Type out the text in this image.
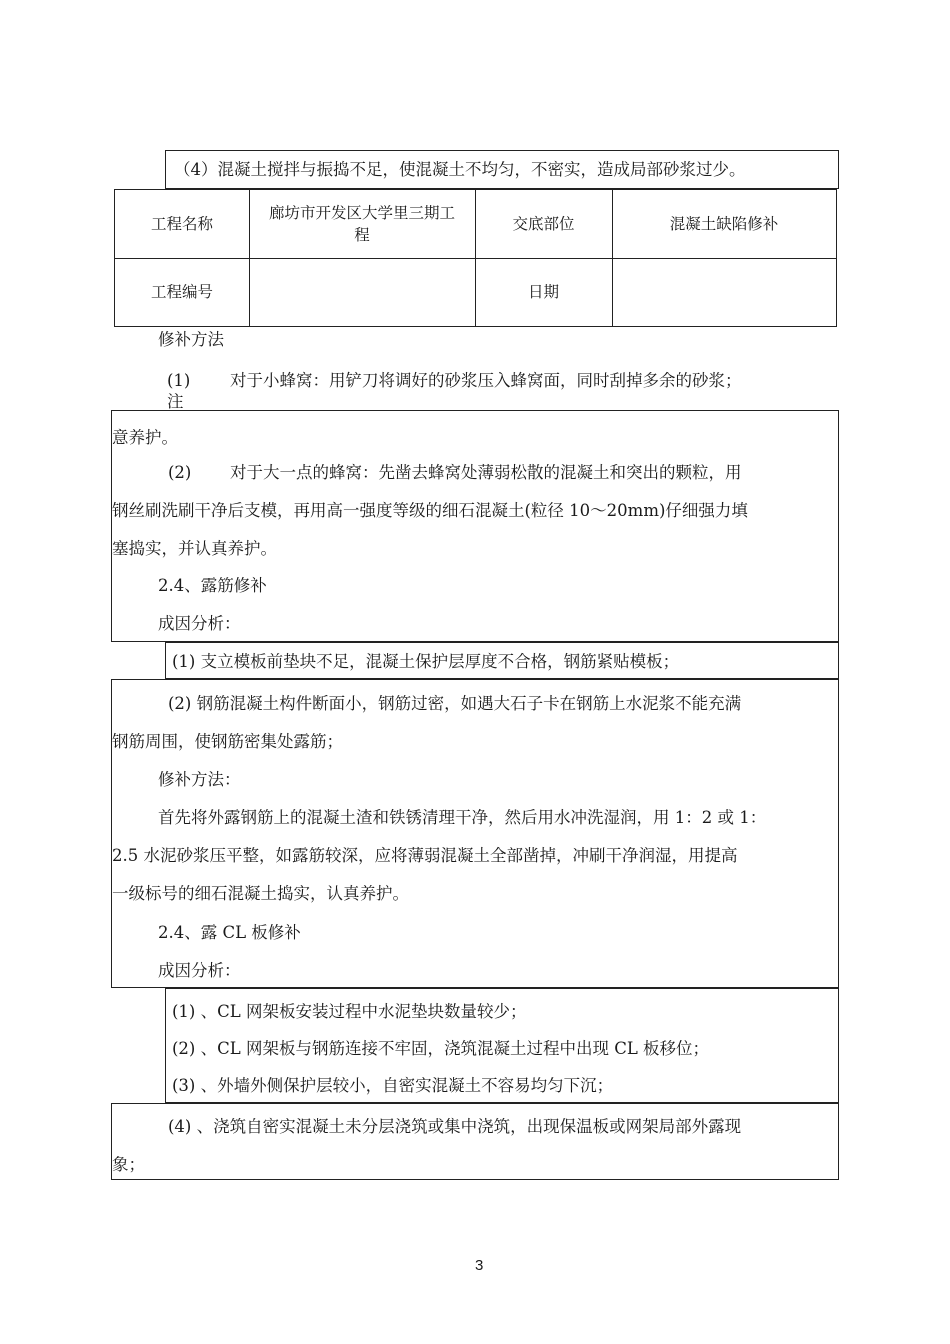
（4）混凝土搅拌与振捣不足，使混凝土不均匀，不密实，造成局部砂浆过少。
工程名称
廊坊市开发区大学里三期工
程
交底部位	混凝土缺陷修补
工程编号	日期
修补方法
(1) 对于小蜂窝：用铲刀将调好的砂浆压入蜂窝面，同时刮掉多余的砂浆；
注
意养护。
(2) 对于大一点的蜂窝：先凿去蜂窝处薄弱松散的混凝土和突出的颗粒，用
钢丝刷洗刷干净后支模，再用高一强度等级的细石混凝土(粒径 10～20mm)仔细强力填
塞捣实，并认真养护。
2.4、露筋修补
成因分析：
(1) 支立模板前垫块不足，混凝土保护层厚度不合格，钢筋紧贴模板；
(2) 钢筋混凝土构件断面小，钢筋过密，如遇大石子卡在钢筋上水泥浆不能充满
钢筋周围，使钢筋密集处露筋；
修补方法：
首先将外露钢筋上的混凝土渣和铁锈清理干净，然后用水冲洗湿润，用 1：2 或 1：
2.5 水泥砂浆压平整，如露筋较深，应将薄弱混凝土全部凿掉，冲刷干净润湿，用提高
一级标号的细石混凝土捣实，认真养护。
2.4、露 CL 板修补
成因分析：
(1) 、CL 网架板安装过程中水泥垫块数量较少；
(2) 、CL 网架板与钢筋连接不牢固，浇筑混凝土过程中出现 CL 板移位；
(3) 、外墙外侧保护层较小，自密实混凝土不容易均匀下沉；
(4) 、浇筑自密实混凝土未分层浇筑或集中浇筑，出现保温板或网架局部外露现
象；
3
